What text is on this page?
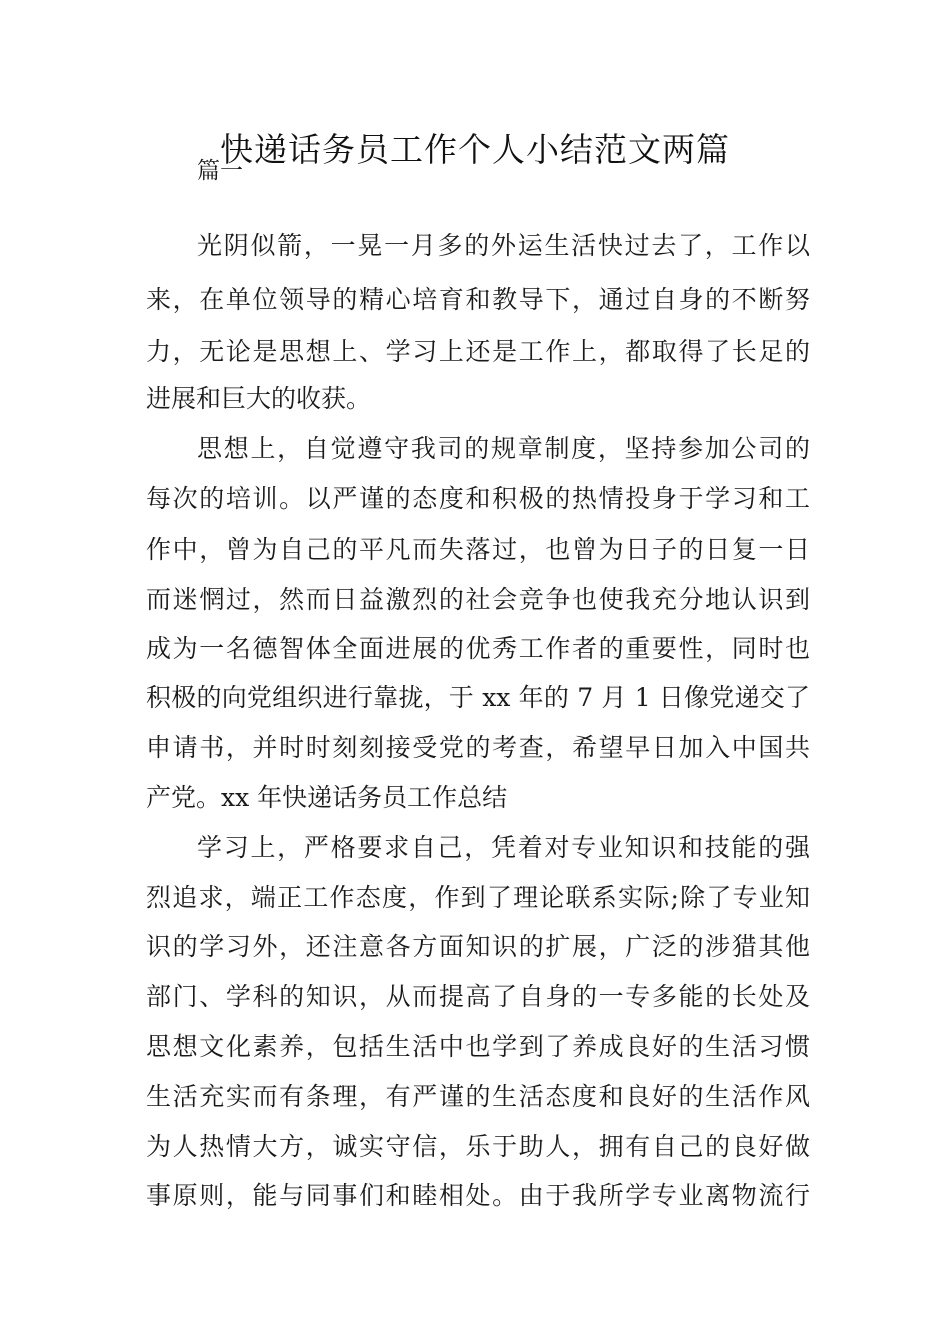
快递话务员工作个人小结范文两篇
篇一
光阴似箭，一晃一月多的外运生活快过去了，工作以
来，在单位领导的精心培育和教导下，通过自身的不断努
力，无论是思想上、学习上还是工作上，都取得了长足的
进展和巨大的收获。
思想上，自觉遵守我司的规章制度，坚持参加公司的
每次的培训。以严谨的态度和积极的热情投身于学习和工
作中，曾为自己的平凡而失落过，也曾为日子的日复一日
而迷惘过，然而日益激烈的社会竞争也使我充分地认识到
成为一名德智体全面进展的优秀工作者的重要性，同时也
积极的向党组织进行靠拢，于 xx 年的 7 月 1 日像党递交了
申请书，并时时刻刻接受党的考查，希望早日加入中国共
产党。xx 年快递话务员工作总结
学习上，严格要求自己，凭着对专业知识和技能的强
烈追求，端正工作态度，作到了理论联系实际;除了专业知
识的学习外，还注意各方面知识的扩展，广泛的涉猎其他
部门、学科的知识，从而提高了自身的一专多能的长处及
思想文化素养，包括生活中也学到了养成良好的生活习惯
生活充实而有条理，有严谨的生活态度和良好的生活作风
为人热情大方，诚实守信，乐于助人，拥有自己的良好做
事原则，能与同事们和睦相处。由于我所学专业离物流行
